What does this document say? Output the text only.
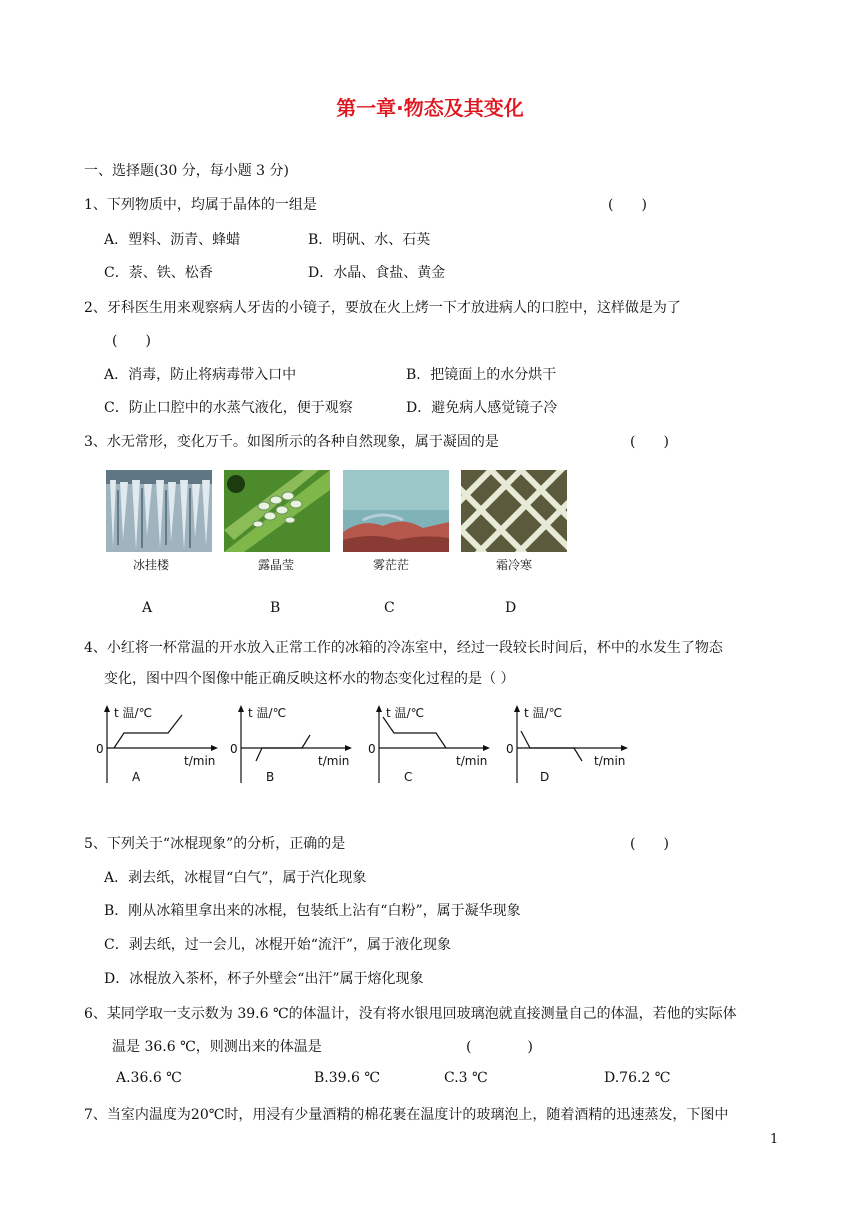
第一章·物态及其变化
一、选择题(30 分，每小题 3 分)
1、下列物质中，均属于晶体的一组是	(　　)
A．塑料、沥青、蜂蜡	B．明矾、水、石英
C．萘、铁、松香	D．水晶、食盐、黄金
2、牙科医生用来观察病人牙齿的小镜子，要放在火上烤一下才放进病人的口腔中，这样做是为了
(　　)
A．消毒，防止将病毒带入口中	B．把镜面上的水分烘干
C．防止口腔中的水蒸气液化，便于观察	D．避免病人感觉镜子冷
3、水无常形，变化万千。如图所示的各种自然现象，属于凝固的是	(　　)
冰挂楼	露晶莹	雾茫茫	霜冷寒
A	B	C	D
4、小红将一杯常温的开水放入正常工作的冰箱的冷冻室中，经过一段较长时间后，杯中的水发生了物态
变化，图中四个图像中能正确反映这杯水的物态变化过程的是（ ）
t 温/℃
0
t/min
A
t 温/℃
0
t/min
B
t 温/℃
0
t/min
C
t 温/℃
0
t/min
D
5、下列关于“冰棍现象”的分析，正确的是	(　　)
A．剥去纸，冰棍冒“白气”，属于汽化现象
B．刚从冰箱里拿出来的冰棍，包装纸上沾有“白粉”，属于凝华现象
C．剥去纸，过一会儿，冰棍开始“流汗”，属于液化现象
D．冰棍放入茶杯，杯子外壁会“出汗”属于熔化现象
6、某同学取一支示数为 39.6 ℃的体温计，没有将水银甩回玻璃泡就直接测量自己的体温，若他的实际体
温是 36.6 ℃，则测出来的体温是	(　　　　)
A.36.6 ℃	B.39.6 ℃	C.3 ℃	D.76.2 ℃
7、当室内温度为20℃时，用浸有少量酒精的棉花裹在温度计的玻璃泡上，随着酒精的迅速蒸发，下图中
1
